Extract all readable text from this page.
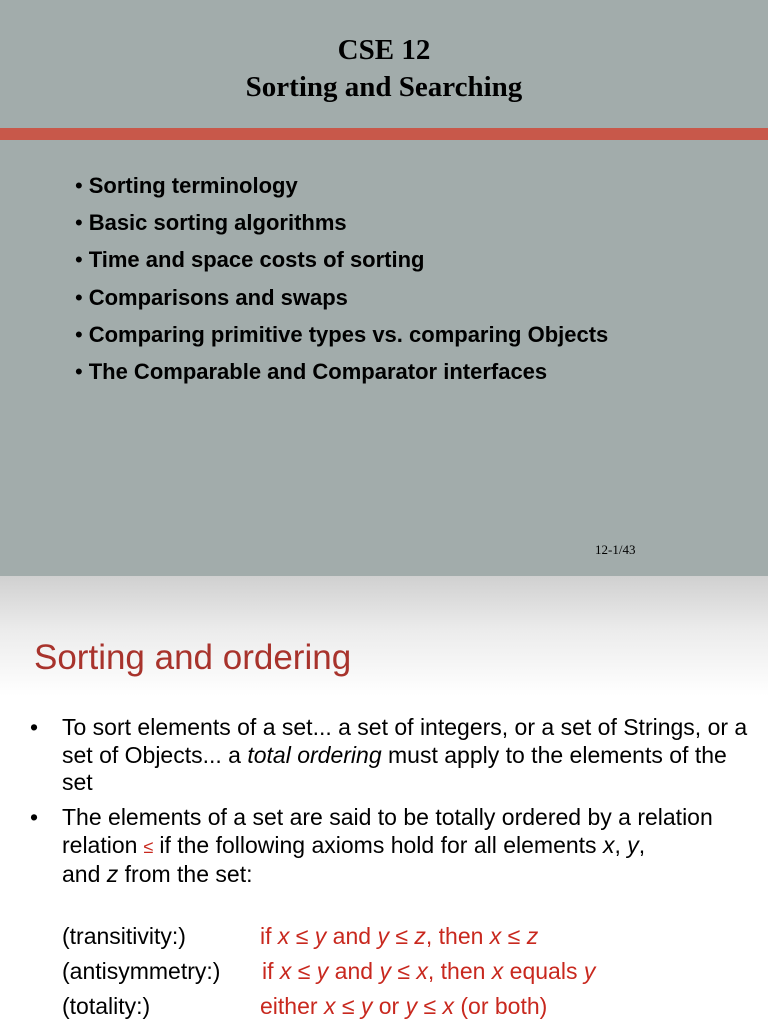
CSE 12
Sorting and Searching
• Sorting terminology
• Basic sorting algorithms
• Time and space costs of sorting
• Comparisons and swaps
• Comparing primitive types vs. comparing Objects
• The Comparable and Comparator interfaces
12-1/43
Sorting and ordering
• To sort elements of a set... a set of integers, or a set of Strings, or a set of Objects... a total ordering must apply to the elements of the set
• The elements of a set are said to be totally ordered by a relation
relation ≤ if the following axioms hold for all elements x, y,
and z from the set:
(transitivity:)	if x ≤ y and y ≤ z, then x ≤ z
(antisymmetry:) if x ≤ y and y ≤ x, then x equals y
(totality:)	either x ≤ y or y ≤ x (or both)
